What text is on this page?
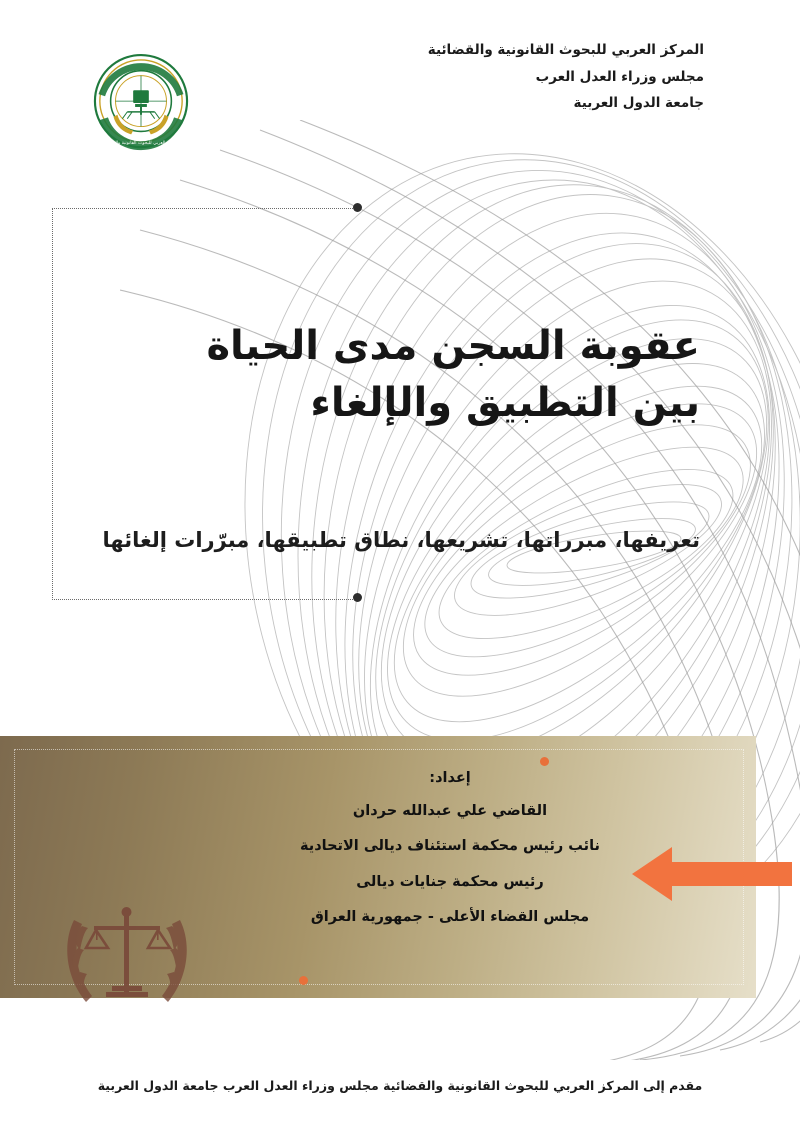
المركز العربي للبحوث القانونية والقضائية
مجلس وزراء العدل العرب
جامعة الدول العربية
المركز العربي للبحوث القانونية والقضائية
عقوبة السجن مدى الحياة
بين التطبيق والإلغاء
تعريفها، مبرراتها، تشريعها، نطاق تطبيقها، مبرّرات إلغائها
إعداد:
القاضي علي عبدالله حردان
نائب رئيس محكمة استئناف ديالى الاتحادية
رئيس محكمة جنايات ديالى
مجلس القضاء الأعلى - جمهورية العراق
مقدم إلى المركز العربي للبحوث القانونية والقضائية مجلس وزراء العدل العرب جامعة الدول العربية
